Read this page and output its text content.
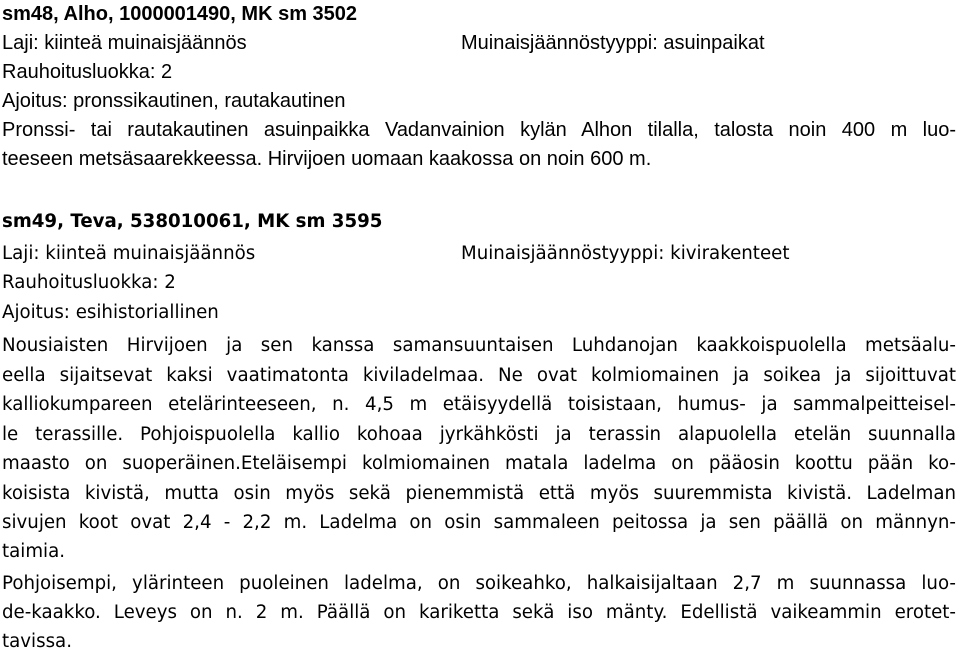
sm48, Alho, 1000001490, MK sm 3502
Laji: kiinteä muinaisjäännös	Muinaisjäännöstyyppi: asuinpaikat
Rauhoitusluokka: 2
Ajoitus: pronssikautinen, rautakautinen
Pronssi- tai rautakautinen asuinpaikka Vadanvainion kylän Alhon tilalla, talosta noin 400 m luo-
teeseen metsäsaarekkeessa. Hirvijoen uomaan kaakossa on noin 600 m.
sm49, Teva, 538010061, MK sm 3595
Laji: kiinteä muinaisjäännös	Muinaisjäännöstyyppi: kivirakenteet
Rauhoitusluokka: 2
Ajoitus: esihistoriallinen
Nousiaisten Hirvijoen ja sen kanssa samansuuntaisen Luhdanojan kaakkoispuolella metsäalu-
eella sijaitsevat kaksi vaatimatonta kiviladelmaa. Ne ovat kolmiomainen ja soikea ja sijoittuvat
kalliokumpareen etelärinteeseen, n. 4,5 m etäisyydellä toisistaan, humus- ja sammalpeitteisel-
le terassille. Pohjoispuolella kallio kohoaa jyrkähköstі ja terassin alapuolella etelän suunnalla
maasto on suoperäinen.Eteläisempi kolmiomainen matala ladelma on pääosin koottu pään ko-
koisista kivistä, mutta osin myös sekä pienemmistä että myös suuremmista kivistä. Ladelman
sivujen koot ovat 2,4 - 2,2 m. Ladelma on osin sammaleen peitossa ja sen päällä on männyn-
taimia.
Pohjoisempi, ylärinteen puoleinen ladelma, on soikeahko, halkaisijaltaan 2,7 m suunnassa luo-
de-kaakko. Leveys on n. 2 m. Päällä on kariketta sekä iso mänty. Edellistä vaikeammin erotet-
tavissa.
